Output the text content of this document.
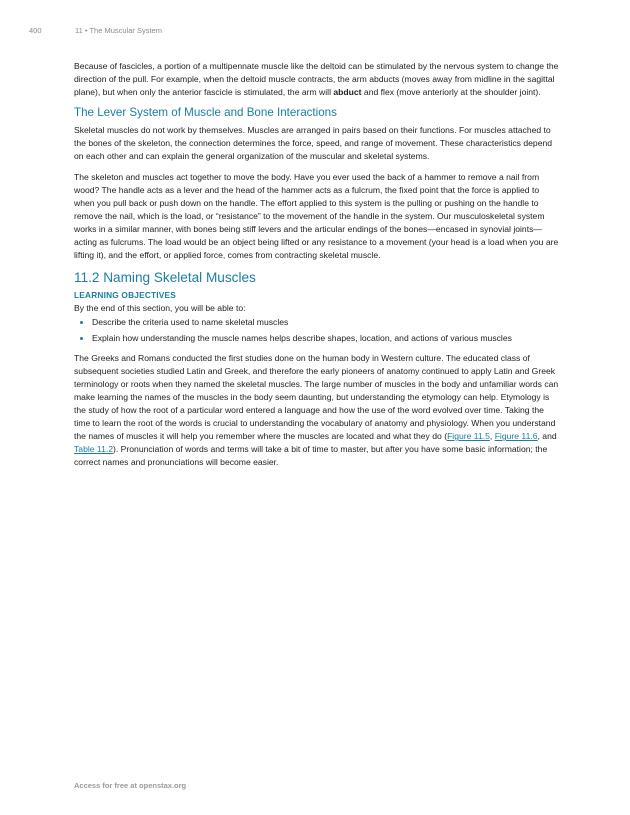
400	11 • The Muscular System

Because of fascicles, a portion of a multipennate muscle like the deltoid can be stimulated by the nervous system to change the direction of the pull. For example, when the deltoid muscle contracts, the arm abducts (moves away from midline in the sagittal plane), but when only the anterior fascicle is stimulated, the arm will abduct and flex (move anteriorly at the shoulder joint).

The Lever System of Muscle and Bone Interactions

Skeletal muscles do not work by themselves. Muscles are arranged in pairs based on their functions. For muscles attached to the bones of the skeleton, the connection determines the force, speed, and range of movement. These characteristics depend on each other and can explain the general organization of the muscular and skeletal systems.

The skeleton and muscles act together to move the body. Have you ever used the back of a hammer to remove a nail from wood? The handle acts as a lever and the head of the hammer acts as a fulcrum, the fixed point that the force is applied to when you pull back or push down on the handle. The effort applied to this system is the pulling or pushing on the handle to remove the nail, which is the load, or “resistance” to the movement of the handle in the system. Our musculoskeletal system works in a similar manner, with bones being stiff levers and the articular endings of the bones—encased in synovial joints—acting as fulcrums. The load would be an object being lifted or any resistance to a movement (your head is a load when you are lifting it), and the effort, or applied force, comes from contracting skeletal muscle.

11.2 Naming Skeletal Muscles
LEARNING OBJECTIVES
By the end of this section, you will be able to:
Describe the criteria used to name skeletal muscles
Explain how understanding the muscle names helps describe shapes, location, and actions of various muscles

The Greeks and Romans conducted the first studies done on the human body in Western culture. The educated class of subsequent societies studied Latin and Greek, and therefore the early pioneers of anatomy continued to apply Latin and Greek terminology or roots when they named the skeletal muscles. The large number of muscles in the body and unfamiliar words can make learning the names of the muscles in the body seem daunting, but understanding the etymology can help. Etymology is the study of how the root of a particular word entered a language and how the use of the word evolved over time. Taking the time to learn the root of the words is crucial to understanding the vocabulary of anatomy and physiology. When you understand the names of muscles it will help you remember where the muscles are located and what they do (Figure 11.5, Figure 11.6, and Table 11.2). Pronunciation of words and terms will take a bit of time to master, but after you have some basic information; the correct names and pronunciations will become easier.

Access for free at openstax.org
